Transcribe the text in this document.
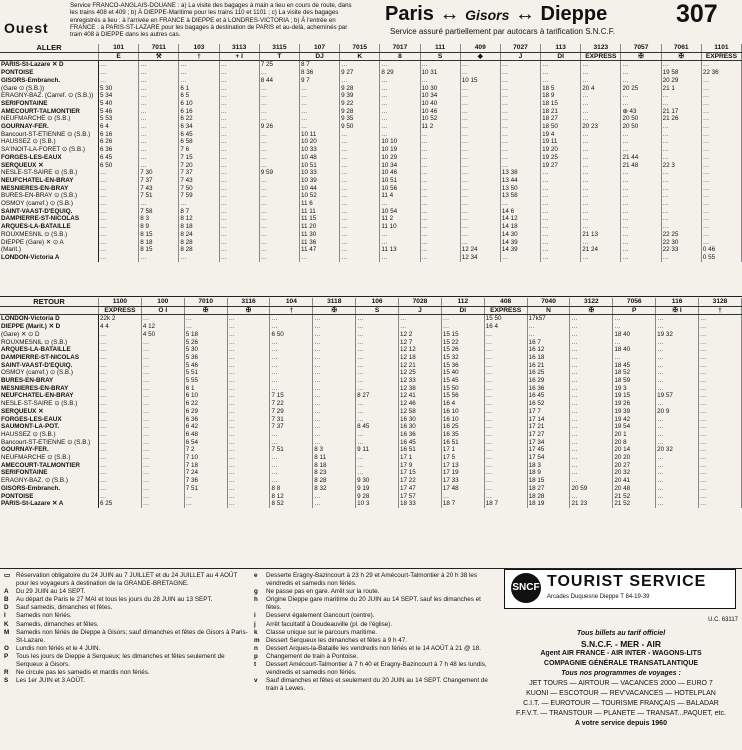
Ouest
Service FRANCO-ANGLAIS-DOUANE : a) La visite des bagages à main a lieu en cours de route, dans les trains 408 et 409 ; b) À DIEPPE-Maritime pour les trains 110 et 1101 ; c) La visite des bagages enregistrés a lieu : à l'arrivée en FRANCE à DIEPPE et à LONDRES-VICTORIA ; b) À l'entrée en FRANCE : à PARIS-ST-LAZARE pour les bagages à destination de PARIS et au-delà, acheminés par train 408 à DIEPPE dans les autres cas.
Paris ↔ Gisors ↔ Dieppe
Service assuré partiellement par autocars à tarification S.N.C.F.
307
ALLER	101	7011	103	3113	3115	107	7015	7017	111	409	7027	113	3123	7057	7061	1101
	E	⚒	†	+ I	T	DJ	K	8	S	◆	J	DI	EXPRESS	✠	✠	EXPRESS
PARIS-St-Lazare ✕ D	…	…	…	…	7 25	8 7	…	…	…	…	…	…	…	…	…	…
PONTOISE	…	…	…	…	…	8 36	9 27	8 29	10 31	…	…	…	…	…	19 58	22 36
GISORS-Embranch.	…	…	…	…	8 44	9 7	…	…	…	10 15	…	…	…	…	20 29	…
(Gare ⊙ (S.B.))	5 30	…	6 1	…	…	…	9 28	…	10 30	…	…	18 5	20 4	20 25	21 1	…
ERAGNY-BAZ. (Carref. ⊙ (S.B.))	5 34	…	6 5	…	…	…	9 39	…	10 34	…	…	18 9	…	…	…	…
SERIFONTAINE	5 40	…	6 10	…	…	…	9 22	…	10 40	…	…	18 15	…	…	…	…
AMECOURT-TALMONTIER	5 46	…	6 16	…	…	…	9 28	…	10 46	…	…	18 21	…	⊕ 43	21 17	…
NEUFMARCHÉ ⊙ (S.B.)	5 53	…	6 22	…	…	…	9 35	…	10 52	…	…	18 27	…	20 50	21 26	…
GOURNAY-FER.	6 4	…	6 34	…	9 26	…	9 50	…	11 2	…	…	18 50	20 23	20 50	…	…
Bancourt-ST-ETIENNE ⊙ (S.B.)	6 16	…	6 45	…	…	10 11	…	…	…	…	…	19 4	…	…	…	…
HAUSSEZ ⊙ (S.B.)	6 26	…	6 58	…	…	10 20	…	10 10	…	…	…	19 11	…	…	…	…
SA'INOIT-LA-FORÊT ⊙ (S.B.)	6 36	…	7 6	…	…	10 33	…	10 19	…	…	…	19 20	…	…	…	…
FORGES-LES-EAUX	6 45	…	7 15	…	…	10 48	…	10 29	…	…	…	19 25	…	21 44	…	…
SERQUEUX ✕	6 50	…	7 20	…	…	10 51	…	10 34	…	…	…	19 27	…	21 48	22 3	…
NESLE-ST-SAIRE ⊙ (S.B.)	…	7 30	7 37	…	9 59	10 33	…	10 46	…	…	13 38	…	…	…	…	…
NEUFCHATEL-EN-BRAY	…	7 37	7 43	…	…	10 39	…	10 51	…	…	13 44	…	…	…	…	…
MESNIERES-EN-BRAY	…	7 43	7 50	…	…	10 44	…	10 56	…	…	13 50	…	…	…	…	…
BURES-EN-BRAY ⊙ (S.B.)	…	7 51	7 59	…	…	10 52	…	11 4	…	…	13 58	…	…	…	…	…
OSMOY (carref.) ⊙ (S.B.)	…	…	…	…	…	11 6	…	…	…	…	…	…	…	…	…	…
SAINT-VAAST-D'ÉQUIQ.	…	7 58	8 7	…	…	11 11	…	10 54	…	…	14 6	…	…	…	…	…
DAMPIERRE-ST-NICOLAS	…	8 3	8 12	…	…	11 15	…	11 2	…	…	14 12	…	…	…	…	…
ARQUES-LA-BATAILLE	…	8 9	8 18	…	…	11 20	…	11 10	…	…	14 18	…	…	…	…	…
ROUXMESNIL ⊙ (S.B.)	…	8 15	8 24	…	…	11 30	…	…	…	…	14 30	…	21 13	…	22 25	…
DIEPPE (Gare) ✕ ⊙ A	…	8 18	8 28	…	…	11 36	…	…	…	…	14 39	…	…	…	22 30	…
(Marit.)	…	8 15	8 28	…	…	11 47	…	11 13	…	12 24	14 39	…	21 24	…	22 33	0 46
LONDON-Victoria A	…	…	…	…	…	…	…	…	…	12 34	…	…	…	…	…	0 55
RETOUR	1100	100	7010	3116	104	3118	106	7028	112	408	7040	3122	7056	116	3128
	EXPRESS	O I	✠	✠	†	✠	S	J	DI	EXPRESS	N	✠	P	✠ I	†
LONDON-Victoria D	22k 2	…	…	…	…	…	…	…	…	15 50	17k57	…	…	…	…
DIEPPE (Marit.) ✕ D	4 4	4 12	…	…	…	…	…	…	…	16 4	…	…	…	…	…
(Gare) ✕ ⊙ D	…	4 50	5 18	…	6 50	…	…	12 2	15 15	…	…	…	18 40	19 32	…
ROUXMESNIL ⊙ (S.B.)	…	…	5 26	…	…	…	…	12 7	15 22	…	16 7	…	…	…	…
ARQUES-LA-BATAILLE	…	…	5 30	…	…	…	…	12 12	15 26	…	16 12	…	18 40	…	…
DAMPIERRE-ST-NICOLAS	…	…	5 36	…	…	…	…	12 18	15 32	…	16 18	…	…	…	…
SAINT-VAAST-D'ÉQUIQ.	…	…	5 46	…	…	…	…	12 21	15 36	…	16 21	…	18 45	…	…
OSMOY (carref.) ⊙ (S.B.)	…	…	5 51	…	…	…	…	12 25	15 40	…	16 25	…	18 52	…	…
BURES-EN-BRAY	…	…	5 55	…	…	…	…	12 33	15 45	…	16 29	…	18 59	…	…
MESNIERES-EN-BRAY	…	…	6 1	…	…	…	…	12 38	15 50	…	16 36	…	19 3	…	…
NEUFCHATEL-EN-BRAY	…	…	6 10	…	7 15	…	8 27	12 41	15 56	…	16 45	…	19 15	19 57	…
NESLE-ST-SAIRE ⊙ (S.B.)	…	…	6 22	…	7 22	…	…	12 46	16 4	…	16 52	…	19 26	…	…
SERQUEUX ✕	…	…	6 29	…	7 29	…	…	12 58	16 10	…	17 7	…	19 39	20 9	…
FORGES-LES-EAUX	…	…	6 36	…	7 31	…	…	16 30	16 10	…	17 14	…	19 42	…	…
SAUMONT-LA-POT.	…	…	6 42	…	7 37	…	8 45	16 30	16 25	…	17 21	…	19 54	…	…
HAUSSEZ ⊙ (S.B.)	…	…	6 48	…	…	…	…	16 36	16 35	…	17 27	…	20 1	…	…
Bancourt-ST-ETIENNE ⊙ (S.B.)	…	…	6 54	…	…	…	…	16 45	16 51	…	17 34	…	20 8	…	…
GOURNAY-FER.	…	…	7 2	…	7 51	8 3	9 11	16 51	17 1	…	17 45	…	20 14	20 32	…
NEUFMARCHÉ ⊙ (S.B.)	…	…	7 10	…	…	8 11	…	17 1	17 5	…	17 54	…	20 20	…	…
AMECOURT-TALMONTIER	…	…	7 18	…	…	8 18	…	17 9	17 13	…	18 3	…	20 27	…	…
SERIFONTAINE	…	…	7 24	…	…	8 23	…	17 15	17 19	…	18 9	…	20 32	…	…
ERAGNY-BAZ. ⊙ (S.B.)	…	…	7 36	…	…	8 28	9 30	17 22	17 33	…	18 15	…	20 41	…	…
GISORS-Embranch.	…	…	7 51	…	8 8	8 32	9 19	17 47	17 48	…	18 27	20 59	20 48	…	…
PONTOISE	…	…	…	…	8 12	…	9 28	17 57	…	…	18 28	…	21 52	…	…
PARIS-St-Lazare ✕ A	6 25	…	…	…	8 52	…	10 3	18 33	18 7	18 7	18 19	21 23	21 52	…	…
▭ Réservation obligatoire du 24 JUIN au 7 JUILLET et du 24 JUILLET au 4 AOÛT pour les voyageurs à destination de la GRANDE-BRETAGNE.
A	Du 29 JUIN au 14 SEPT.
B	Au départ de Paris le 27 MAI et tous les jours du 28 JUIN au 13 SEPT.
D	Sauf samedis, dimanches et fêtes.
I	Samedis non fériés.
K	Samedis, dimanches et fêtes.
M	Samedis non fériés de Dieppe à Gisors; sauf dimanches et fêtes de Gisors à Paris-St-Lazare.
O	Lundis non fériés et le 4 JUIN.
P	Tous les jours de Dieppe à Serqueux; les dimanches et fêtes seulement de Serqueux à Gisors.
R	Ne circule pas les samedis et mardis non fériés.
S	Les 1er JUIN et 3 AOÛT.
e	Desserte Eragny-Bazincourt à 23 h 29 et Amécourt-Talmontier à 20 h 38 les vendredis et samedis non fériés.
g	Ne passe pas en gare. Arrêt sur la route.
h	Origine Dieppe gare maritime du 20 JUIN au 14 SEPT. sauf les dimanches et fêtes.
i	Desservi également Gancourt (centre).
j	Arrêt facultatif à Doudeauville (pl. de l'église).
k	Classe unique sur le parcours maritime.
m	Dessert Serqueux les dimanches et fêtes à 9 h 47.
n	Dessert Arques-la-Bataille les vendredis non fériés et le 14 AOÛT à 21 @ 18.
p	Changement de train à Pontoise.
t	Dessert Amécourt-Talmontier à 7 h 40 et Eragny-Bazincourt à 7 h 48 les lundis, vendredis et samedis non fériés.
v	Sauf dimanches et fêtes et seulement du 20 JUIN au 14 SEPT. Changement de train à Lewes.
SNCF TOURIST SERVICE
Arcades Duquesne Dieppe T 84-19-39
U.C. 63117
Tous billets au tarif officiel
S.N.C.F. - MER - AIR
Agent AIR FRANCE - AIR INTER - WAGONS-LITS
COMPAGNIE GÉNÉRALE TRANSATLANTIQUE
Tous nos programmes de voyages :
JET TOURS — AIRTOUR — VACANCES 2000 — EURO 7
KUONI — ESCOTOUR — REV'VACANCES — HOTELPLAN
C.I.T. — EUROTOUR — TOURISME FRANÇAIS — BALADAR
F.F.V.T. — TRANSTOUR — PLANETE — TRANSAT...PAQUET, etc.
A votre service depuis 1960
